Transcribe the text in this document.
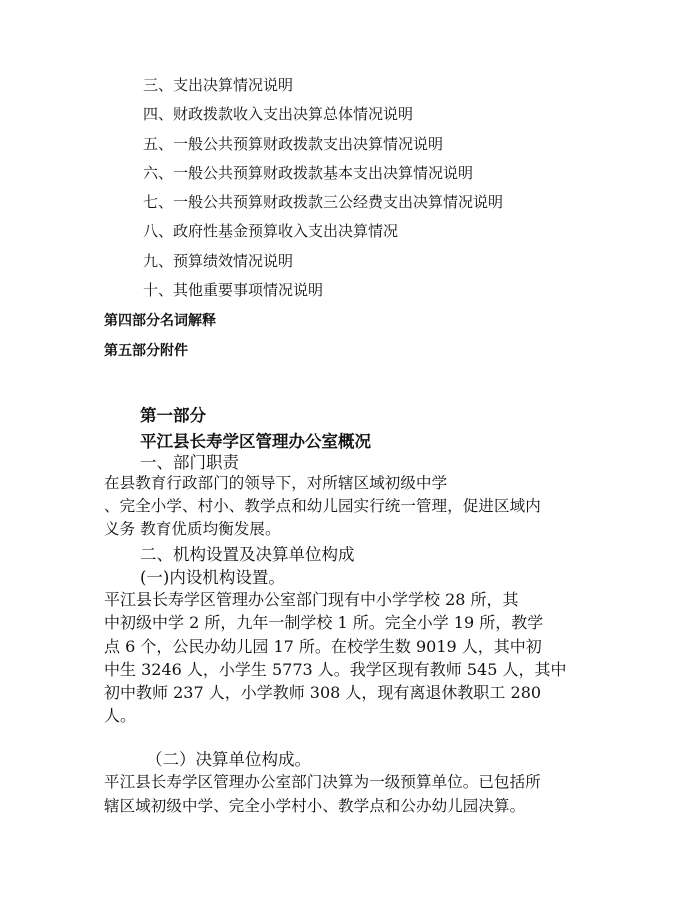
三、支出决算情况说明
四、财政拨款收入支出决算总体情况说明
五、一般公共预算财政拨款支出决算情况说明
六、一般公共预算财政拨款基本支出决算情况说明
七、一般公共预算财政拨款三公经费支出决算情况说明
八、政府性基金预算收入支出决算情况
九、预算绩效情况说明
十、其他重要事项情况说明
第四部分名词解释
第五部分附件
第一部分
平江县长寿学区管理办公室概况
一、部门职责
在县教育行政部门的领导下，对所辖区域初级中学
、完全小学、村小、教学点和幼儿园实行统一管理，促进区域内
义务 教育优质均衡发展。
二、机构设置及决算单位构成
(一)内设机构设置。
平江县长寿学区管理办公室部门现有中小学学校 28 所，其
中初级中学 2 所，九年一制学校 1 所。完全小学 19 所，教学
点 6 个，公民办幼儿园 17 所。在校学生数 9019 人，其中初
中生 3246 人，小学生 5773 人。我学区现有教师 545 人，其中
初中教师 237 人，小学教师 308 人，现有离退休教职工 280
人。
（二）决算单位构成。
平江县长寿学区管理办公室部门决算为一级预算单位。已包括所
辖区域初级中学、完全小学村小、教学点和公办幼儿园决算。
